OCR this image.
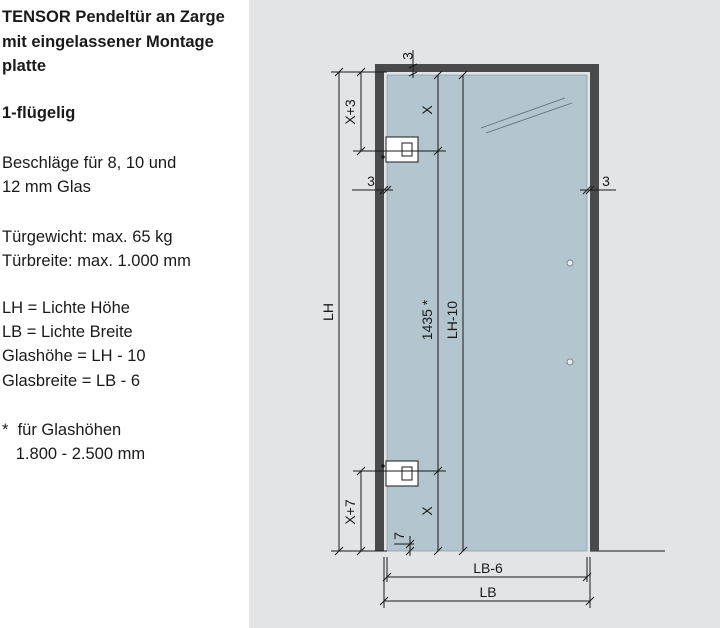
TENSOR Pendeltür an Zarge mit eingelassener Montage platte

1-flügelig

Beschläge für 8, 10 und

12 mm Glas

Türgewicht: max. 65 kg

Türbreite: max. 1.000 mm

LH = Lichte Höhe

LB = Lichte Breite

Glashöhe = LH - 10

Glasbreite = LB - 6

*  für Glashöhen

1.800 - 2.500 mm

3
3	3
X+3	X
LH	1435 * LH-10
X+7	X
7
LB-6
LB
